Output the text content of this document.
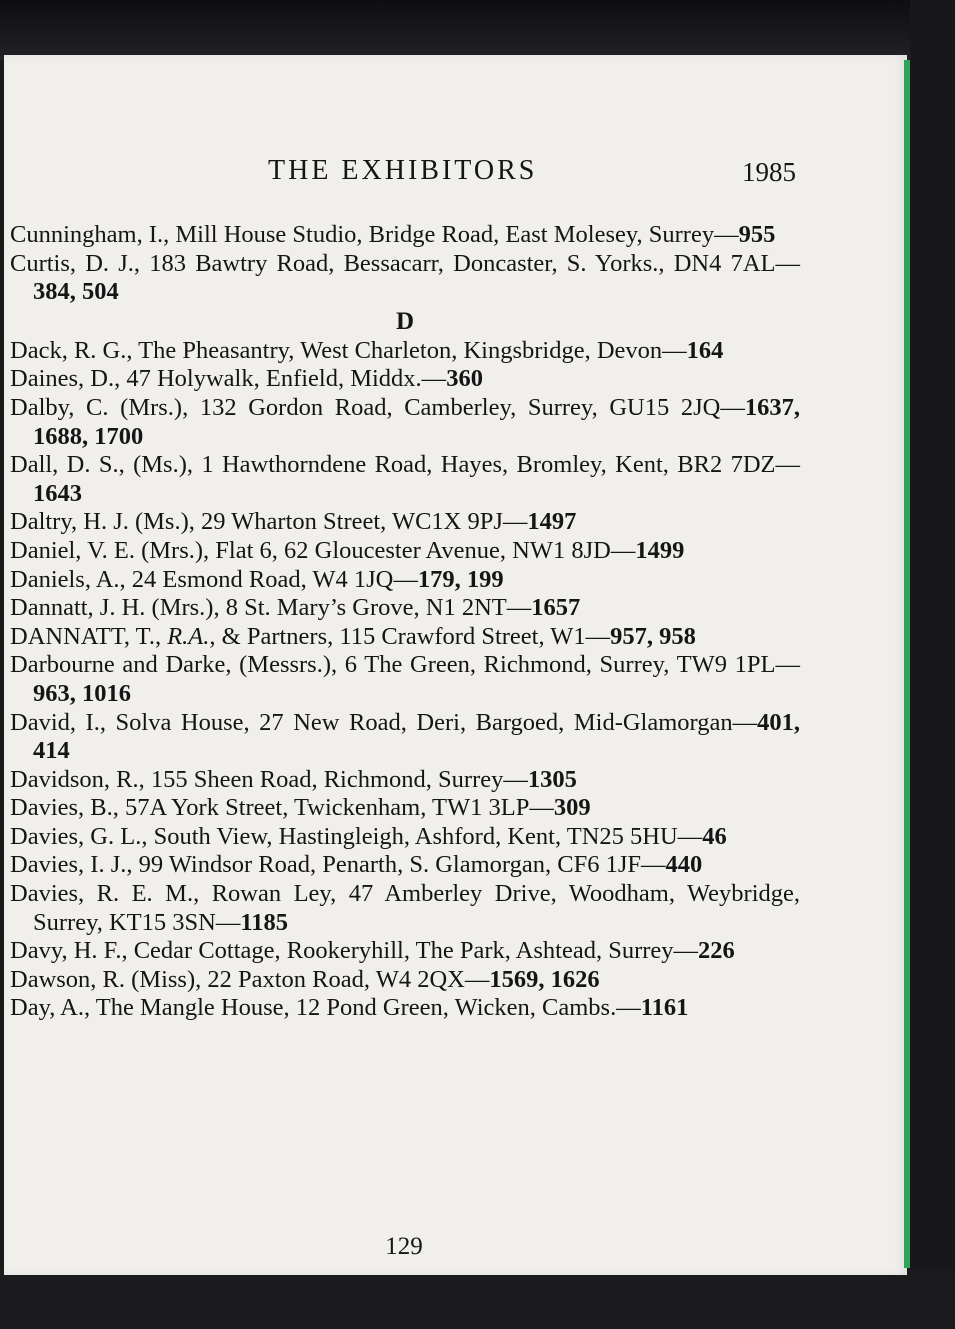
THE EXHIBITORS	1985
Cunningham, I., Mill House Studio, Bridge Road, East Molesey, Surrey—955
Curtis, D. J., 183 Bawtry Road, Bessacarr, Doncaster, S. Yorks., DN4 7AL—384, 504
D
Dack, R. G., The Pheasantry, West Charleton, Kingsbridge, Devon—164
Daines, D., 47 Holywalk, Enfield, Middx.—360
Dalby, C. (Mrs.), 132 Gordon Road, Camberley, Surrey, GU15 2JQ—1637, 1688, 1700
Dall, D. S., (Ms.), 1 Hawthorndene Road, Hayes, Bromley, Kent, BR2 7DZ—1643
Daltry, H. J. (Ms.), 29 Wharton Street, WC1X 9PJ—1497
Daniel, V. E. (Mrs.), Flat 6, 62 Gloucester Avenue, NW1 8JD—1499
Daniels, A., 24 Esmond Road, W4 1JQ—179, 199
Dannatt, J. H. (Mrs.), 8 St. Mary’s Grove, N1 2NT—1657
DANNATT, T., R.A., & Partners, 115 Crawford Street, W1—957, 958
Darbourne and Darke, (Messrs.), 6 The Green, Richmond, Surrey, TW9 1PL—963, 1016
David, I., Solva House, 27 New Road, Deri, Bargoed, Mid-Glamorgan—401, 414
Davidson, R., 155 Sheen Road, Richmond, Surrey—1305
Davies, B., 57A York Street, Twickenham, TW1 3LP—309
Davies, G. L., South View, Hastingleigh, Ashford, Kent, TN25 5HU—46
Davies, I. J., 99 Windsor Road, Penarth, S. Glamorgan, CF6 1JF—440
Davies, R. E. M., Rowan Ley, 47 Amberley Drive, Woodham, Weybridge, Surrey, KT15 3SN—1185
Davy, H. F., Cedar Cottage, Rookeryhill, The Park, Ashtead, Surrey—226
Dawson, R. (Miss), 22 Paxton Road, W4 2QX—1569, 1626
Day, A., The Mangle House, 12 Pond Green, Wicken, Cambs.—1161
129
